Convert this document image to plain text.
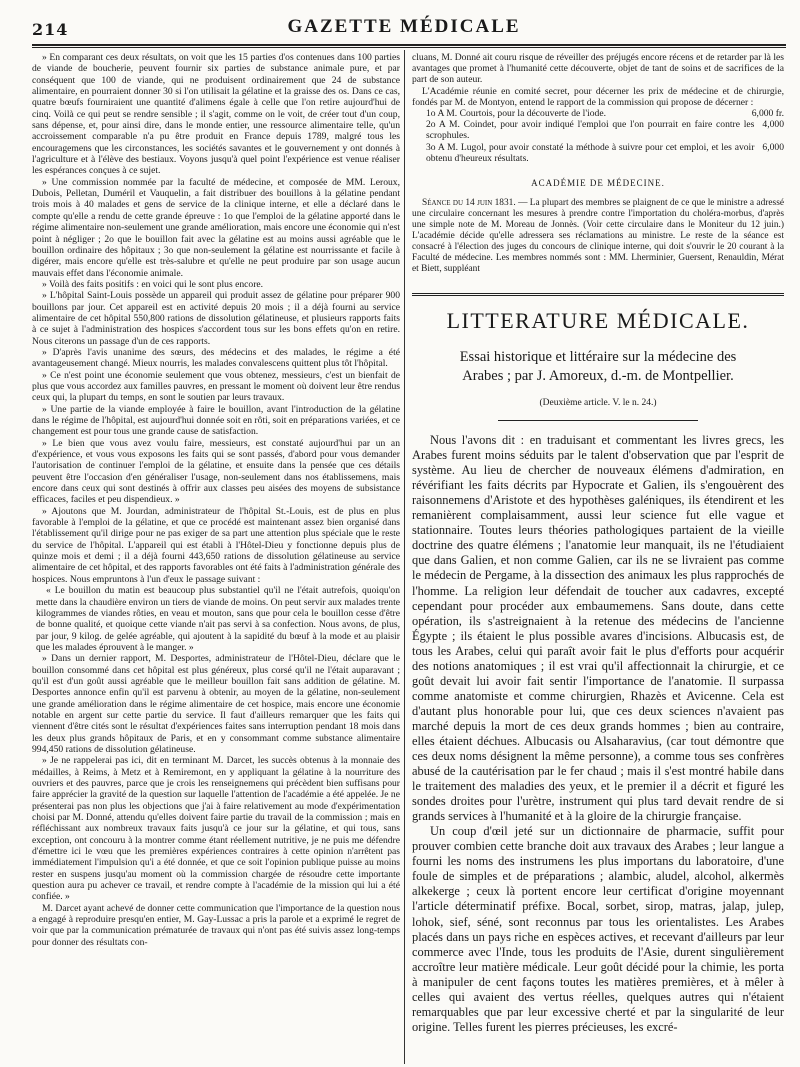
214	GAZETTE MÉDICALE

» En comparant ces deux résultats, on voit que les 15 parties d'os contenues dans 100 parties de viande de boucherie, peuvent fournir six parties de substance animale pure, et par conséquent que 100 de viande, qui ne produisent ordinairement que 24 de substance alimentaire, en pourraient donner 30 si l'on utilisait la gélatine et la graisse des os. Dans ce cas, quatre bœufs fourniraient une quantité d'alimens égale à celle que l'on retire aujourd'hui de cinq. Voilà ce qui peut se rendre sensible ; il s'agit, comme on le voit, de créer tout d'un coup, sans dépense, et, pour ainsi dire, dans le monde entier, une ressource alimentaire telle, qu'un accroissement comparable n'a pu être produit en France depuis 1789, malgré tous les encouragemens que les circonstances, les sociétés savantes et le gouvernement y ont donnés à l'agriculture et à l'élève des bestiaux. Voyons jusqu'à quel point l'expérience est venue réaliser les espérances conçues à ce sujet.

» Une commission nommée par la faculté de médecine, et composée de MM. Leroux, Dubois, Pelletan, Duméril et Vauquelin, a fait distribuer des bouillons à la gélatine pendant trois mois à 40 malades et gens de service de la clinique interne, et elle a déclaré dans le compte qu'elle a rendu de cette grande épreuve : 1o que l'emploi de la gélatine apporté dans le régime alimentaire non-seulement une grande amélioration, mais encore une économie qui n'est point à négliger ; 2o que le bouillon fait avec la gélatine est au moins aussi agréable que le bouillon ordinaire des hôpitaux ; 3o que non-seulement la gélatine est nourrissante et facile à digérer, mais encore qu'elle est très-salubre et qu'elle ne peut produire par son usage aucun mauvais effet dans l'économie animale.

» Voilà des faits positifs : en voici qui le sont plus encore.

» L'hôpital Saint-Louis possède un appareil qui produit assez de gélatine pour préparer 900 bouillons par jour. Cet appareil est en activité depuis 20 mois ; il a déjà fourni au service alimentaire de cet hôpital 550,800 rations de dissolution gélatineuse, et plusieurs rapports faits à ce sujet à l'administration des hospices s'accordent tous sur les bons effets qu'on en retire. Nous citerons un passage d'un de ces rapports.

» D'après l'avis unanime des sœurs, des médecins et des malades, le régime a été avantageusement changé. Mieux nourris, les malades convalescens quittent plus tôt l'hôpital.

» Ce n'est point une économie seulement que vous obtenez, messieurs, c'est un bienfait de plus que vous accordez aux familles pauvres, en pressant le moment où doivent leur être rendus ceux qui, la plupart du temps, en sont le soutien par leurs travaux.

» Une partie de la viande employée à faire le bouillon, avant l'introduction de la gélatine dans le régime de l'hôpital, est aujourd'hui donnée soit en rôti, soit en préparations variées, et ce changement est pour tous une grande cause de satisfaction.

» Le bien que vous avez voulu faire, messieurs, est constaté aujourd'hui par un an d'expérience, et vous vous exposons les faits qui se sont passés, d'abord pour vous demander l'autorisation de continuer l'emploi de la gélatine, et ensuite dans la pensée que ces détails peuvent être l'occasion d'en généraliser l'usage, non-seulement dans nos établissemens, mais encore dans ceux qui sont destinés à offrir aux classes peu aisées des moyens de subsistance efficaces, faciles et peu dispendieux. »

» Ajoutons que M. Jourdan, administrateur de l'hôpital St.-Louis, est de plus en plus favorable à l'emploi de la gélatine, et que ce procédé est maintenant assez bien organisé dans l'établissement qu'il dirige pour ne pas exiger de sa part une attention plus spéciale que le reste du service de l'hôpital. L'appareil qui est établi à l'Hôtel-Dieu y fonctionne depuis plus de quinze mois et demi ; il a déjà fourni 443,650 rations de dissolution gélatineuse au service alimentaire de cet hôpital, et des rapports favorables ont été faits à l'administration générale des hospices. Nous empruntons à l'un d'eux le passage suivant :

« Le bouillon du matin est beaucoup plus substantiel qu'il ne l'était autrefois, quoiqu'on mette dans la chaudière environ un tiers de viande de moins. On peut servir aux malades trente kilogrammes de viandes rôties, en veau et mouton, sans que pour cela le bouillon cesse d'être de bonne qualité, et quoique cette viande n'ait pas servi à sa confection. Nous avons, de plus, par jour, 9 kilog. de gelée agréable, qui ajoutent à la sapidité du bœuf à la mode et au plaisir que les malades éprouvent à le manger. »

» Dans un dernier rapport, M. Desportes, administrateur de l'Hôtel-Dieu, déclare que le bouillon consommé dans cet hôpital est plus généreux, plus corsé qu'il ne l'était auparavant ; qu'il est d'un goût aussi agréable que le meilleur bouillon fait sans addition de gélatine. M. Desportes annonce enfin qu'il est parvenu à obtenir, au moyen de la gélatine, non-seulement une grande amélioration dans le régime alimentaire de cet hospice, mais encore une économie notable en argent sur cette partie du service. Il faut d'ailleurs remarquer que les faits qui viennent d'être cités sont le résultat d'expériences faites sans interruption pendant 18 mois dans les deux plus grands hôpitaux de Paris, et en y consommant comme substance alimentaire 994,450 rations de dissolution gélatineuse.

» Je ne rappelerai pas ici, dit en terminant M. Darcet, les succès obtenus à la monnaie des médailles, à Reims, à Metz et à Remiremont, en y appliquant la gélatine à la nourriture des ouvriers et des pauvres, parce que je crois les renseignemens qui précèdent bien suffisans pour faire apprécier la gravité de la question sur laquelle l'attention de l'académie a été appelée. Je ne présenterai pas non plus les objections que j'ai à faire relativement au mode d'expérimentation choisi par M. Donné, attendu qu'elles doivent faire partie du travail de la commission ; mais en réfléchissant aux nombreux travaux faits jusqu'à ce jour sur la gélatine, et qui tous, sans exception, ont concouru à la montrer comme étant réellement nutritive, je ne puis me défendre d'émettre ici le vœu que les premières expériences contraires à cette opinion n'arrêtent pas immédiatement l'impulsion qu'i a été donnée, et que ce soit l'opinion publique puisse au moins rester en suspens jusqu'au moment où la commission chargée de résoudre cette importante question aura pu achever ce travail, et rendre compte à l'académie de la mission qui lui a été confiée. »

M. Darcet ayant achevé de donner cette communication que l'importance de la question nous a engagé à reproduire presqu'en entier, M. Gay-Lussac a pris la parole et a exprimé le regret de voir que par la communication prématurée de travaux qui n'ont pas été suivis assez long-temps pour donner des résultats con-

cluans, M. Donné ait couru risque de réveiller des préjugés encore récens et de retarder par là les avantages que promet à l'humanité cette découverte, objet de tant de soins et de sacrifices de la part de son auteur.

L'Académie réunie en comité secret, pour décerner les prix de médecine et de chirurgie, fondés par M. de Montyon, entend le rapport de la commission qui propose de décerner :

1o A M. Courtois, pour la découverte de l'iode.	6,000 fr.
2o A M. Coindet, pour avoir indiqué l'emploi que l'on pourrait en faire contre les scrophules.
4,000
3o A M. Lugol, pour avoir constaté la méthode à suivre pour cet emploi, et les avoir obtenu d'heureux résultats.
6,000
ACADÉMIE DE MÉDECINE.

Séance du 14 juin 1831. — La plupart des membres se plaignent de ce que le ministre a adressé une circulaire concernant les mesures à prendre contre l'importation du choléra-morbus, d'après une simple note de M. Moreau de Jonnès. (Voir cette circulaire dans le Moniteur du 12 juin.) L'académie décide qu'elle adressera ses réclamations au ministre. Le reste de la séance est consacré à l'élection des juges du concours de clinique interne, qui doit s'ouvrir le 20 courant à la Faculté de médecine. Les membres nommés sont : MM. Lherminier, Guersent, Renauldin, Mérat et Biett, suppléant

LITTERATURE MÉDICALE.
Essai historique et littéraire sur la médecine des
Arabes ; par J. Amoreux, d.-m. de Montpellier.
(Deuxième article. V. le n. 24.)

Nous l'avons dit : en traduisant et commentant les livres grecs, les Arabes furent moins séduits par le talent d'observation que par l'esprit de système. Au lieu de chercher de nouveaux élémens d'admiration, en révérifiant les faits décrits par Hypocrate et Galien, ils s'engouèrent des raisonnemens d'Aristote et des hypothèses galéniques, ils étendirent et les remanièrent complaisamment, aussi leur science fut elle vague et stationnaire. Toutes leurs théories pathologiques partaient de la vieille doctrine des quatre élémens ; l'anatomie leur manquait, ils ne l'étudiaient que dans Galien, et non comme Galien, car ils ne se livraient pas comme le médecin de Pergame, à la dissection des animaux les plus rapprochés de l'homme. La religion leur défendait de toucher aux cadavres, excepté cependant pour procéder aux embaumemens. Sans doute, dans cette opération, ils s'astreignaient à la retenue des médecins de l'ancienne Égypte ; ils étaient le plus possible avares d'incisions. Albucasis est, de tous les Arabes, celui qui paraît avoir fait le plus d'efforts pour acquérir des notions anatomiques ; il est vrai qu'il affectionnait la chirurgie, et ce goût devait lui avoir fait sentir l'importance de l'anatomie. Il surpassa comme anatomiste et comme chirurgien, Rhazès et Avicenne. Cela est d'autant plus honorable pour lui, que ces deux sciences n'avaient pas marché depuis la mort de ces deux grands hommes ; bien au contraire, elles étaient déchues. Albucasis ou Alsaharavius, (car tout démontre que ces deux noms désignent la même personne), a comme tous ses confrères abusé de la cautérisation par le fer chaud ; mais il s'est montré habile dans le traitement des maladies des yeux, et le premier il a décrit et figuré les sondes droites pour l'urètre, instrument qui plus tard devait rendre de si grands services à l'humanité et à la gloire de la chirurgie française.

Un coup d'œil jeté sur un dictionnaire de pharmacie, suffit pour prouver combien cette branche doit aux travaux des Arabes ; leur langue a fourni les noms des instrumens les plus importans du laboratoire, d'une foule de simples et de préparations ; alambic, aludel, alcohol, alkermès alkekerge ; ceux là portent encore leur certificat d'origine moyennant l'article déterminatif préfixe. Bocal, sorbet, sirop, matras, jalap, julep, lohok, sief, séné, sont reconnus par tous les orientalistes. Les Arabes placés dans un pays riche en espèces actives, et recevant d'ailleurs par leur commerce avec l'Inde, tous les produits de l'Asie, durent singulièrement accroître leur matière médicale. Leur goût décidé pour la chimie, les porta à manipuler de cent façons toutes les matières premières, et à mêler à celles qui avaient des vertus réelles, quelques autres qui n'étaient remarquables que par leur excessive cherté et par la singularité de leur origine. Telles furent les pierres précieuses, les excré-
